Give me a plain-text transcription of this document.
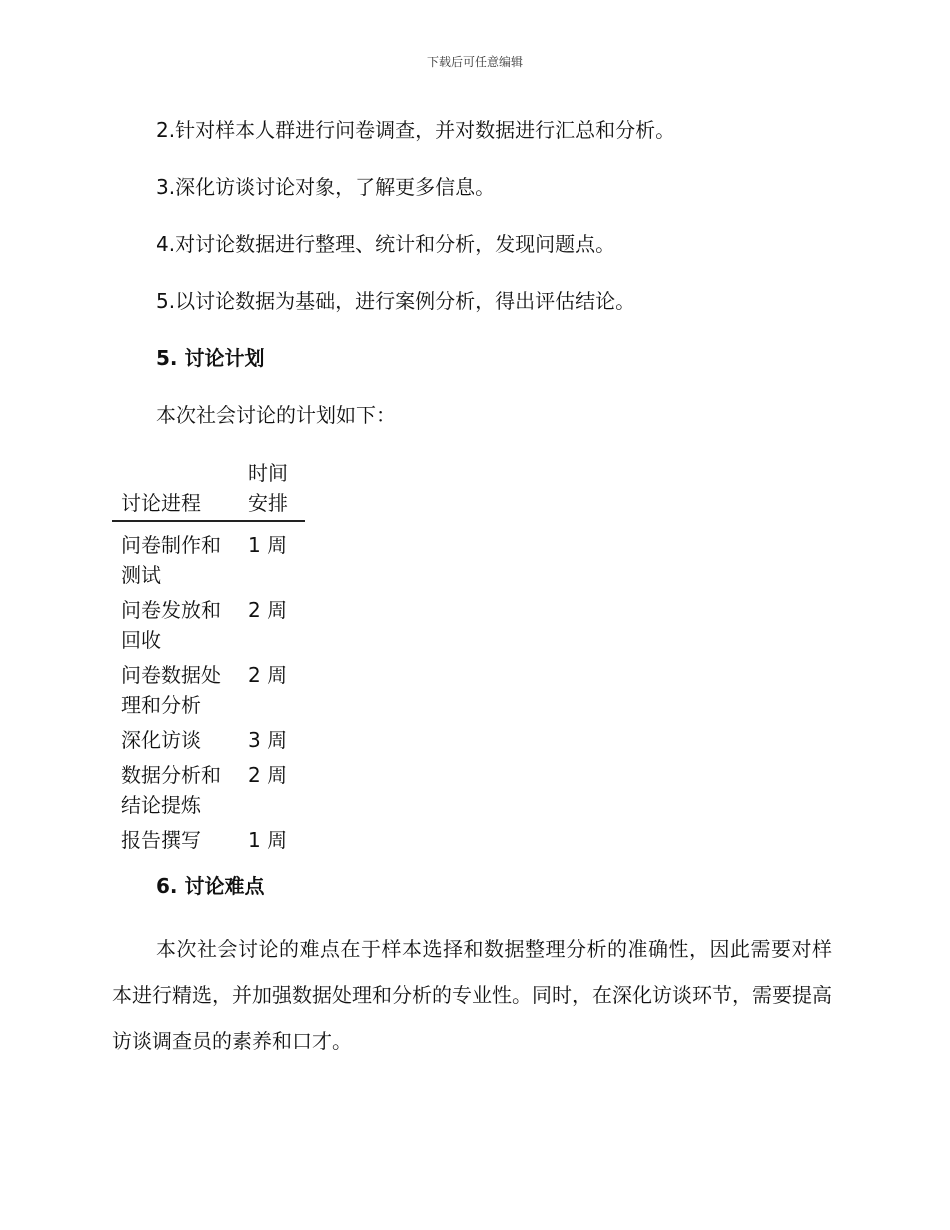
下载后可任意编辑
2.针对样本人群进行问卷调查，并对数据进行汇总和分析。
3.深化访谈讨论对象，了解更多信息。
4.对讨论数据进行整理、统计和分析，发现问题点。
5.以讨论数据为基础，进行案例分析，得出评估结论。
5. 讨论计划
本次社会讨论的计划如下：
讨论进程
时间安排
问卷制作和测试
1 周
问卷发放和回收
2 周
问卷数据处理和分析
2 周
深化访谈	3 周
数据分析和结论提炼
2 周
报告撰写	1 周
6. 讨论难点
本次社会讨论的难点在于样本选择和数据整理分析的准确性，因此需要对样本进行精选，并加强数据处理和分析的专业性。同时，在深化访谈环节，需要提高访谈调查员的素养和口才。
